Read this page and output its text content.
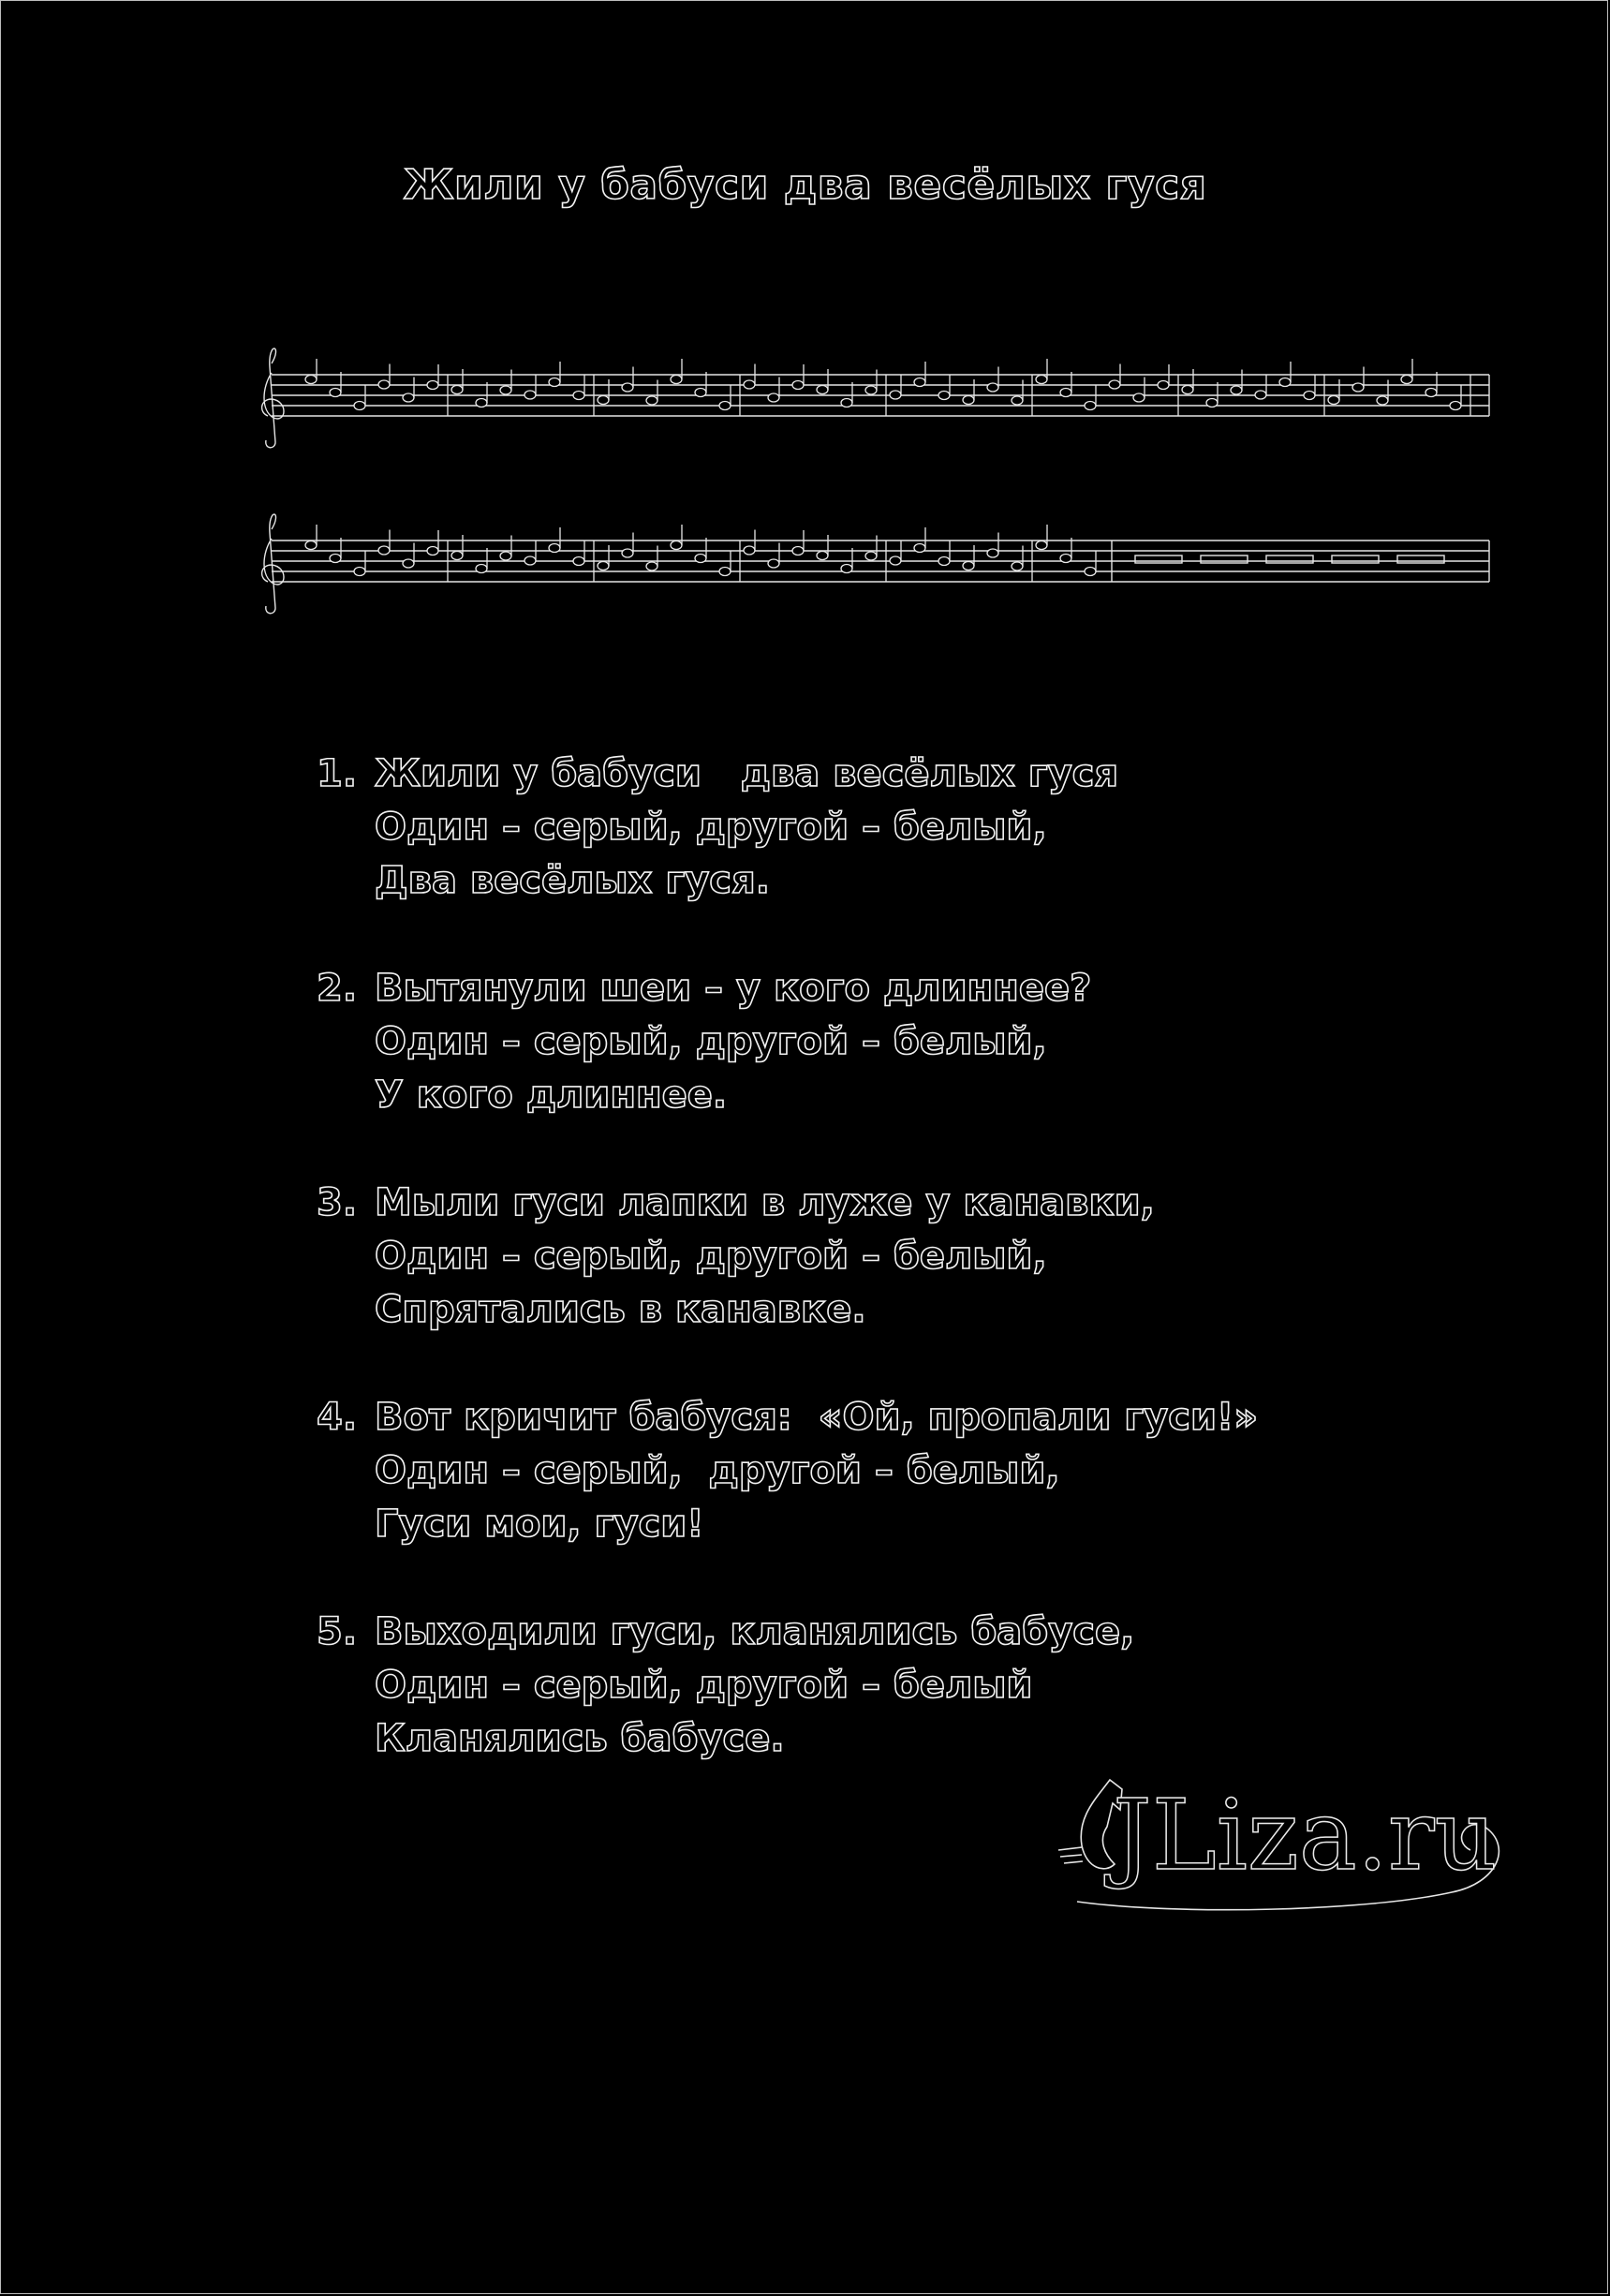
Жили у бабуси два весёлых гуся
1. Жили у бабуси   два весёлых гуся
Один – серый, другой – белый,
Два весёлых гуся.
2. Вытянули шеи – у кого длиннее?
Один – серый, другой – белый,
У кого длиннее.
3. Мыли гуси лапки в луже у канавки,
Один – серый, другой – белый,
Спрятались в канавке.
4. Вот кричит бабуся:  «Ой, пропали гуси!»
Один – серый,  другой – белый,
Гуси мои, гуси!
5. Выходили гуси, кланялись бабусе,
Один – серый, другой – белый
Кланялись бабусе.
JLiza.ru
